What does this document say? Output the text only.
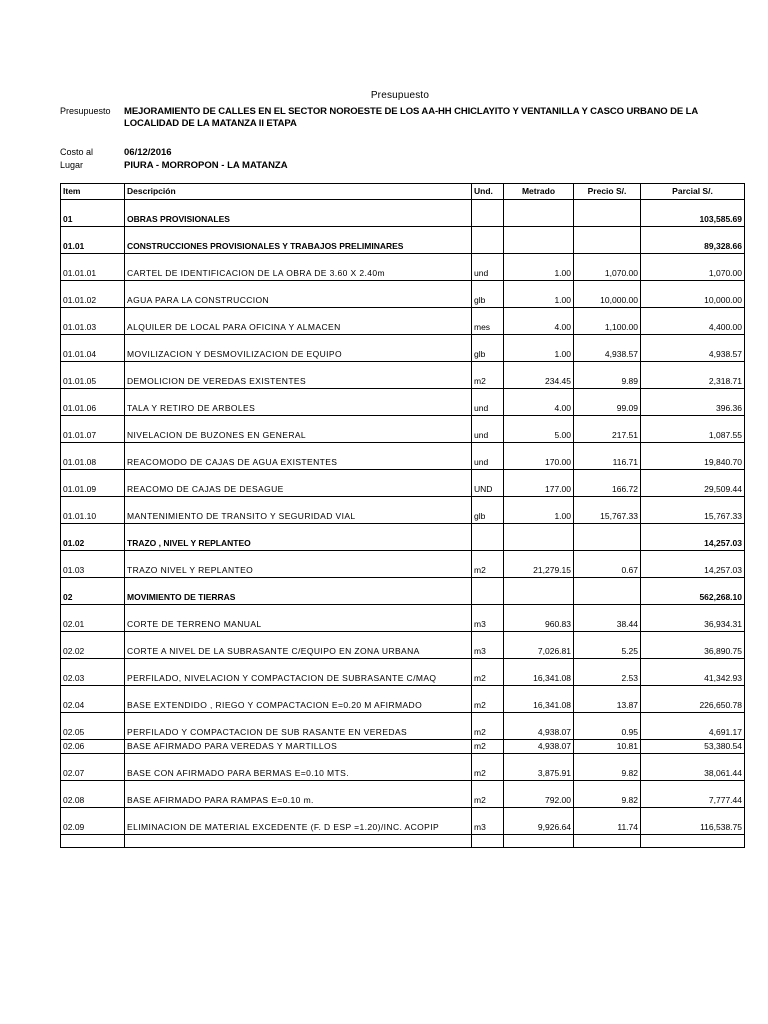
Presupuesto
Presupuesto MEJORAMIENTO DE CALLES EN EL SECTOR NOROESTE DE LOS AA-HH CHICLAYITO Y VENTANILLA Y CASCO URBANO DE LA LOCALIDAD DE LA MATANZA II ETAPA
Costo al	06/12/2016
Lugar	PIURA - MORROPON - LA MATANZA
Item	Descripción	Und.	Metrado	Precio S/.	Parcial S/.

01	OBRAS PROVISIONALES				103,585.69

01.01	CONSTRUCCIONES PROVISIONALES Y TRABAJOS PRELIMINARES				89,328.66

01.01.01	CARTEL DE IDENTIFICACION DE LA OBRA DE 3.60 X 2.40m	und	1.00	1,070.00	1,070.00

01.01.02	AGUA PARA LA CONSTRUCCION	glb	1.00	10,000.00	10,000.00

01.01.03	ALQUILER DE LOCAL PARA OFICINA Y ALMACEN	mes	4.00	1,100.00	4,400.00

01.01.04	MOVILIZACION Y DESMOVILIZACION DE EQUIPO	glb	1.00	4,938.57	4,938.57

01.01.05	DEMOLICION DE VEREDAS EXISTENTES	m2	234.45	9.89	2,318.71

01.01.06	TALA Y RETIRO DE ARBOLES	und	4.00	99.09	396.36

01.01.07	NIVELACION DE BUZONES EN GENERAL	und	5.00	217.51	1,087.55

01.01.08	REACOMODO DE CAJAS DE AGUA EXISTENTES	und	170.00	116.71	19,840.70

01.01.09	REACOMO DE CAJAS DE DESAGUE	UND	177.00	166.72	29,509.44

01.01.10	MANTENIMIENTO DE TRANSITO Y SEGURIDAD VIAL	glb	1.00	15,767.33	15,767.33

01.02	TRAZO , NIVEL Y REPLANTEO				14,257.03

01.03	TRAZO NIVEL Y REPLANTEO	m2	21,279.15	0.67	14,257.03

02	MOVIMIENTO DE TIERRAS				562,268.10

02.01	CORTE DE TERRENO MANUAL	m3	960.83	38.44	36,934.31

02.02	CORTE A NIVEL DE LA SUBRASANTE C/EQUIPO EN ZONA URBANA	m3	7,026.81	5.25	36,890.75

02.03	PERFILADO, NIVELACION Y COMPACTACION DE SUBRASANTE C/MAQ	m2	16,341.08	2.53	41,342.93

02.04	BASE EXTENDIDO , RIEGO Y COMPACTACION E=0.20 M AFIRMADO	m2	16,341.08	13.87	226,650.78

02.05	PERFILADO Y COMPACTACION DE SUB RASANTE EN VEREDAS	m2	4,938.07	0.95	4,691.17
02.06	BASE AFIRMADO PARA VEREDAS Y MARTILLOS	m2	4,938.07	10.81	53,380.54

02.07	BASE CON AFIRMADO PARA BERMAS E=0.10 MTS.	m2	3,875.91	9.82	38,061.44

02.08	BASE AFIRMADO PARA RAMPAS E=0.10 m.	m2	792.00	9.82	7,777.44

02.09	ELIMINACION DE MATERIAL EXCEDENTE (F. D ESP =1.20)/INC. ACOPIP	m3	9,926.64	11.74	116,538.75
